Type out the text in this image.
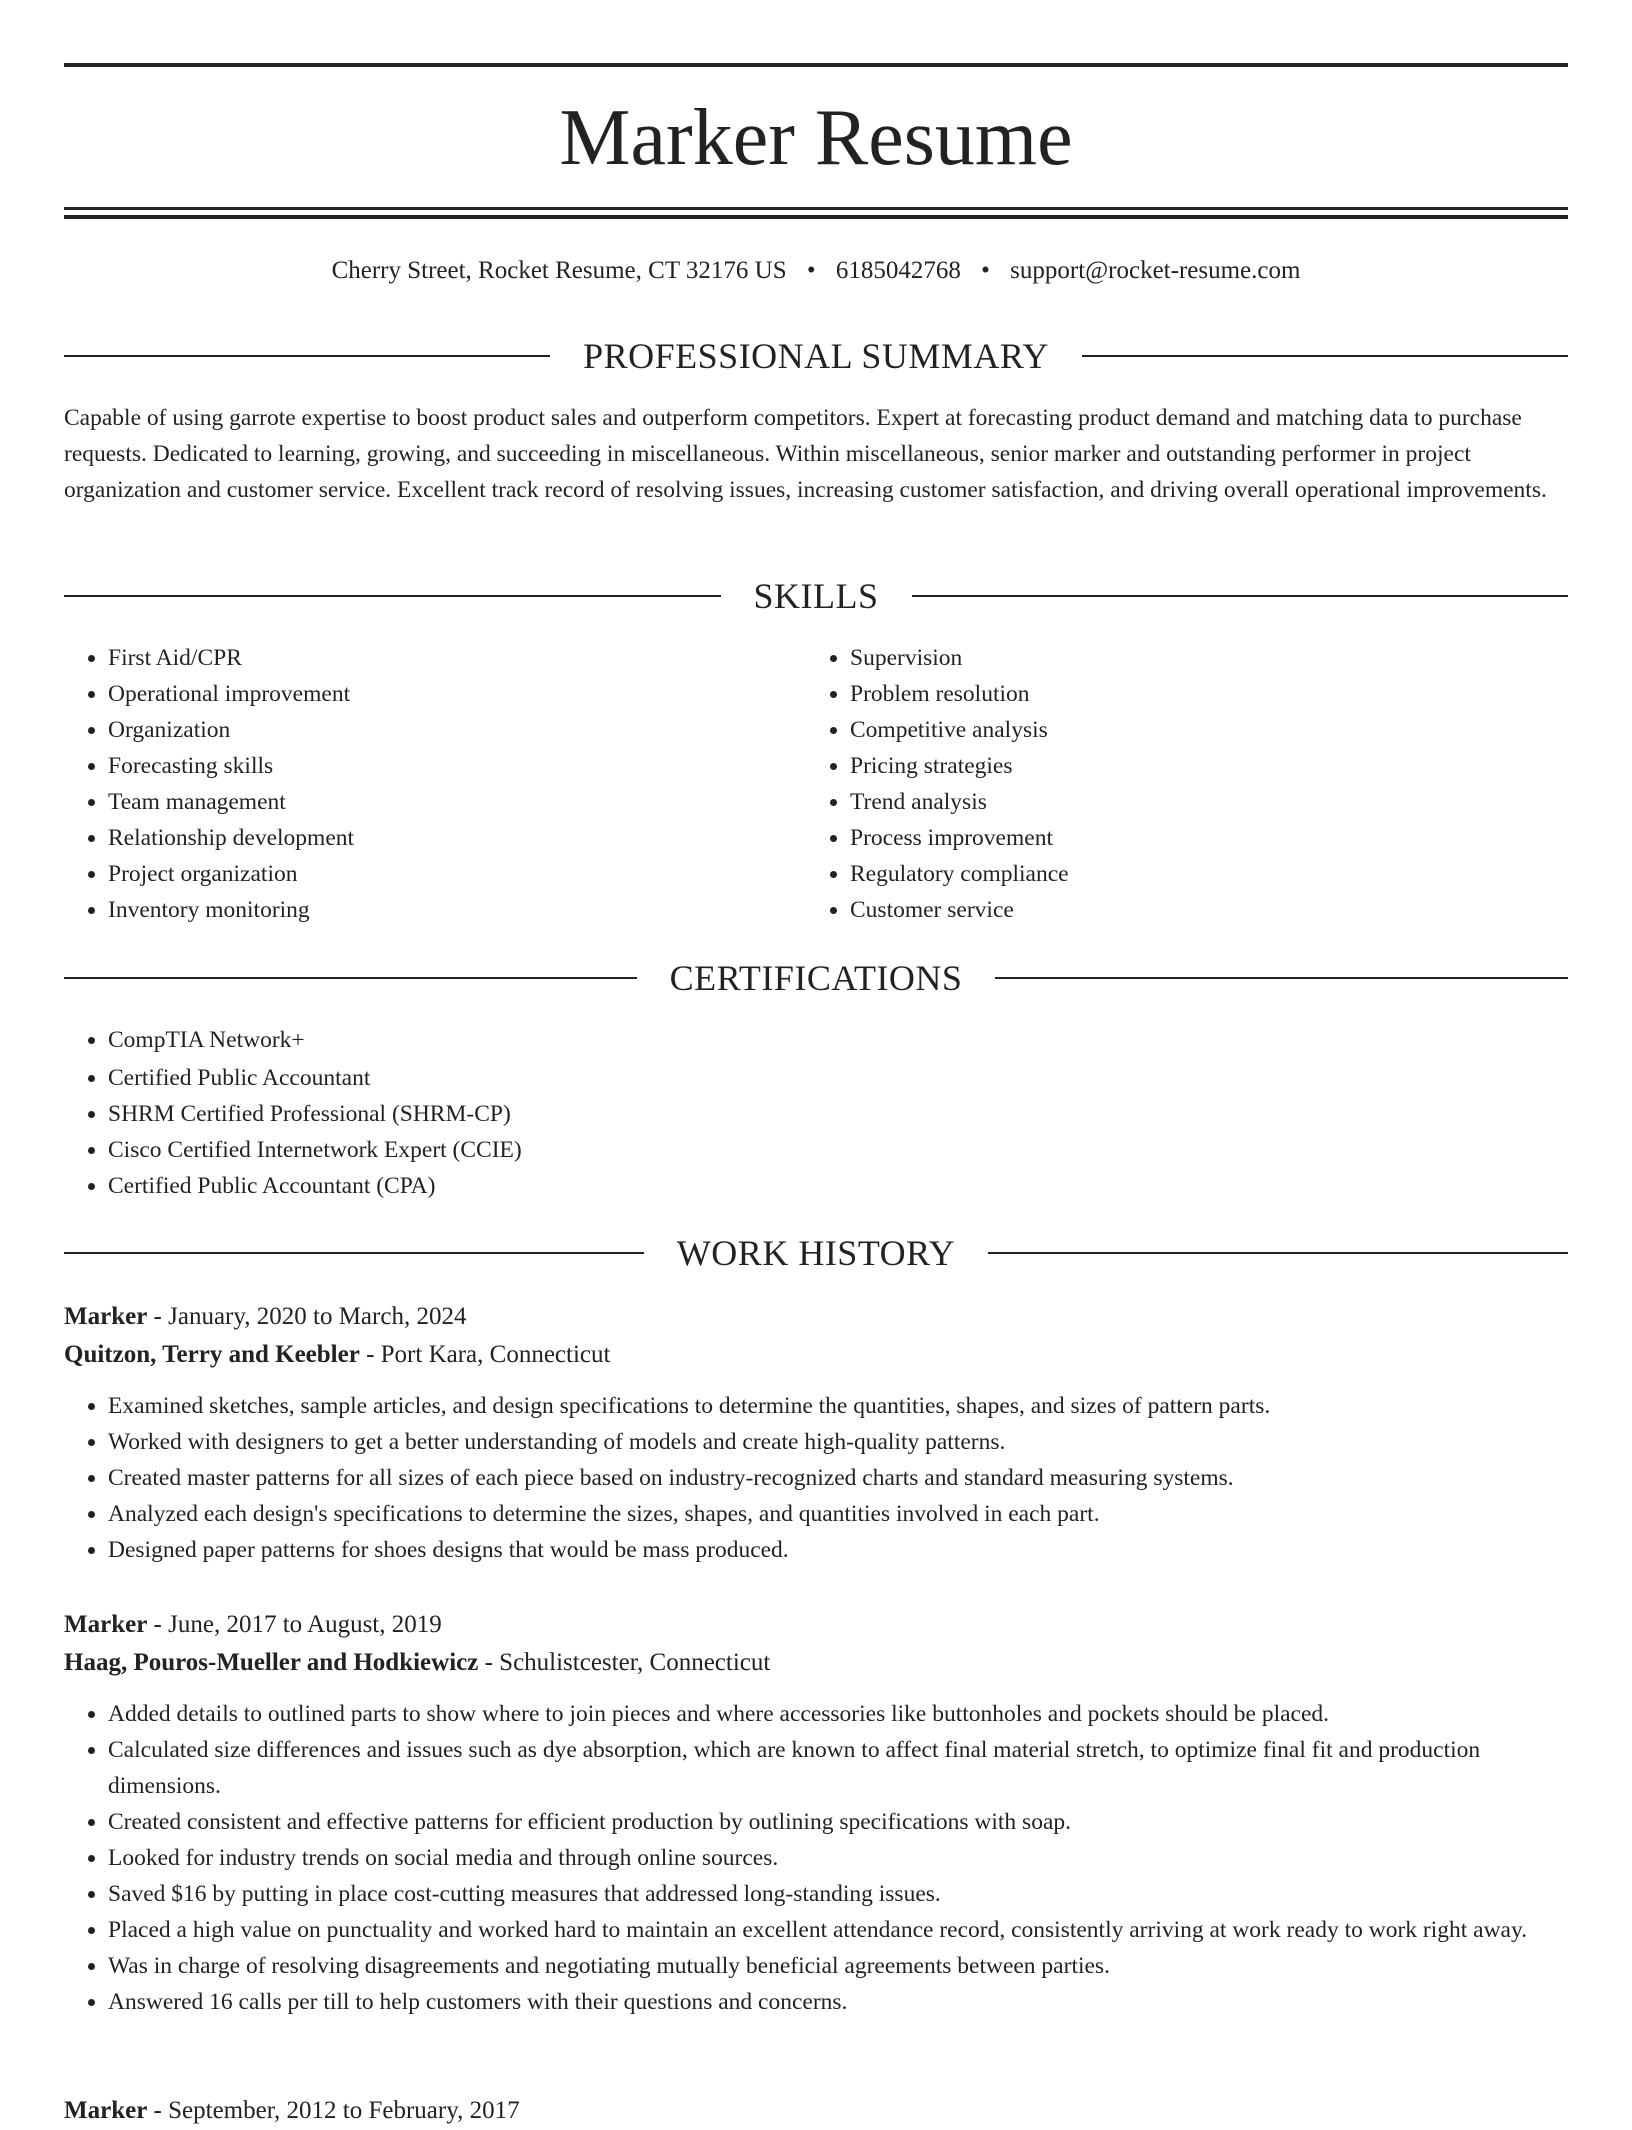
Marker Resume
Cherry Street, Rocket Resume, CT 32176 US • 6185042768 • support@rocket-resume.com
PROFESSIONAL SUMMARY

Capable of using garrote expertise to boost product sales and outperform competitors. Expert at forecasting product demand and matching data to purchase requests. Dedicated to learning, growing, and succeeding in miscellaneous. Within miscellaneous, senior marker and outstanding performer in project organization and customer service. Excellent track record of resolving issues, increasing customer satisfaction, and driving overall operational improvements.

SKILLS
• First Aid/CPR
• Operational improvement
• Organization
• Forecasting skills
• Team management
• Relationship development
• Project organization
• Inventory monitoring
• Supervision
• Problem resolution
• Competitive analysis
• Pricing strategies
• Trend analysis
• Process improvement
• Regulatory compliance
• Customer service
CERTIFICATIONS
• CompTIA Network+
• Certified Public Accountant
• SHRM Certified Professional (SHRM-CP)
• Cisco Certified Internetwork Expert (CCIE)
• Certified Public Accountant (CPA)
WORK HISTORY
Marker - January, 2020 to March, 2024
Quitzon, Terry and Keebler - Port Kara, Connecticut
• Examined sketches, sample articles, and design specifications to determine the quantities, shapes, and sizes of pattern parts.
• Worked with designers to get a better understanding of models and create high-quality patterns.
• Created master patterns for all sizes of each piece based on industry-recognized charts and standard measuring systems.
• Analyzed each design's specifications to determine the sizes, shapes, and quantities involved in each part.
• Designed paper patterns for shoes designs that would be mass produced.
Marker - June, 2017 to August, 2019
Haag, Pouros-Mueller and Hodkiewicz - Schulistcester, Connecticut
• Added details to outlined parts to show where to join pieces and where accessories like buttonholes and pockets should be placed.
• Calculated size differences and issues such as dye absorption, which are known to affect final material stretch, to optimize final fit and production dimensions.
• Created consistent and effective patterns for efficient production by outlining specifications with soap.
• Looked for industry trends on social media and through online sources.
• Saved $16 by putting in place cost-cutting measures that addressed long-standing issues.
• Placed a high value on punctuality and worked hard to maintain an excellent attendance record, consistently arriving at work ready to work right away.
• Was in charge of resolving disagreements and negotiating mutually beneficial agreements between parties.
• Answered 16 calls per till to help customers with their questions and concerns.
Marker - September, 2012 to February, 2017
